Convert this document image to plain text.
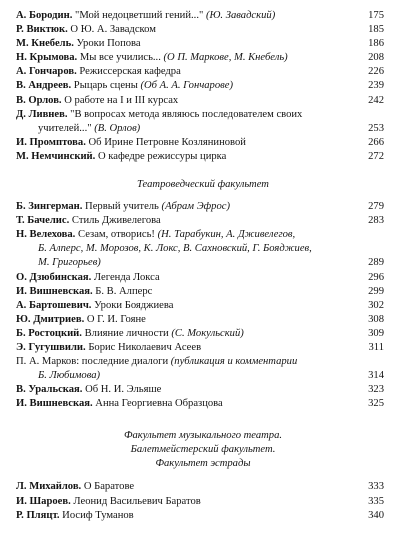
А. Бородин. "Мой недоцветший гений..." (Ю. Завадский)	175
Р. Виктюк. О Ю. А. Завадском	185
М. Кнебель. Уроки Попова	186
Н. Крымова. Мы все учились... (О П. Маркове, М. Кнебель)	208
А. Гончаров. Режиссерская кафедра	226
В. Андреев. Рыцарь сцены (Об А. А. Гончарове)	239
В. Орлов. О работе на I и III курсах	242
Д. Ливнев. "В вопросах метода являюсь последователем своих
учителей..." (В. Орлов)	253
И. Промптова. Об Ирине Петровне Козляниновой	266
М. Немчинский. О кафедре режиссуры цирка	272
Театроведческий факультет
Б. Зингерман. Первый учитель (Абрам Эфрос)	279
Т. Бачелис. Стиль Дживелегова	283
Н. Велехова. Сезам, отворись! (Н. Тарабукин, А. Дживелегов,
Б. Алперс, М. Морозов, К. Локс, В. Сахновский, Г. Бояджиев,
М. Григорьев)	289
О. Дзюбинская. Легенда Локса	296
И. Вишневская. Б. В. Алперс	299
А. Бартошевич. Уроки Бояджиева	302
Ю. Дмитриев. О Г. И. Гояне	308
Б. Ростоцкий. Влияние личности (С. Мокульский)	309
Э. Гугушвили. Борис Николаевич Асеев	311
П. А. Марков: последние диалоги (публикация и комментарии
Б. Любимова)	314
В. Уральская. Об Н. И. Эльяше	323
И. Вишневская. Анна Георгиевна Образцова	325
Факультет музыкального театра.
Балетмейстерский факультет.
Факультет эстрады
Л. Михайлов. О Баратове	333
И. Шароев. Леонид Васильевич Баратов	335
Р. Пляцт. Иосиф Туманов	340
